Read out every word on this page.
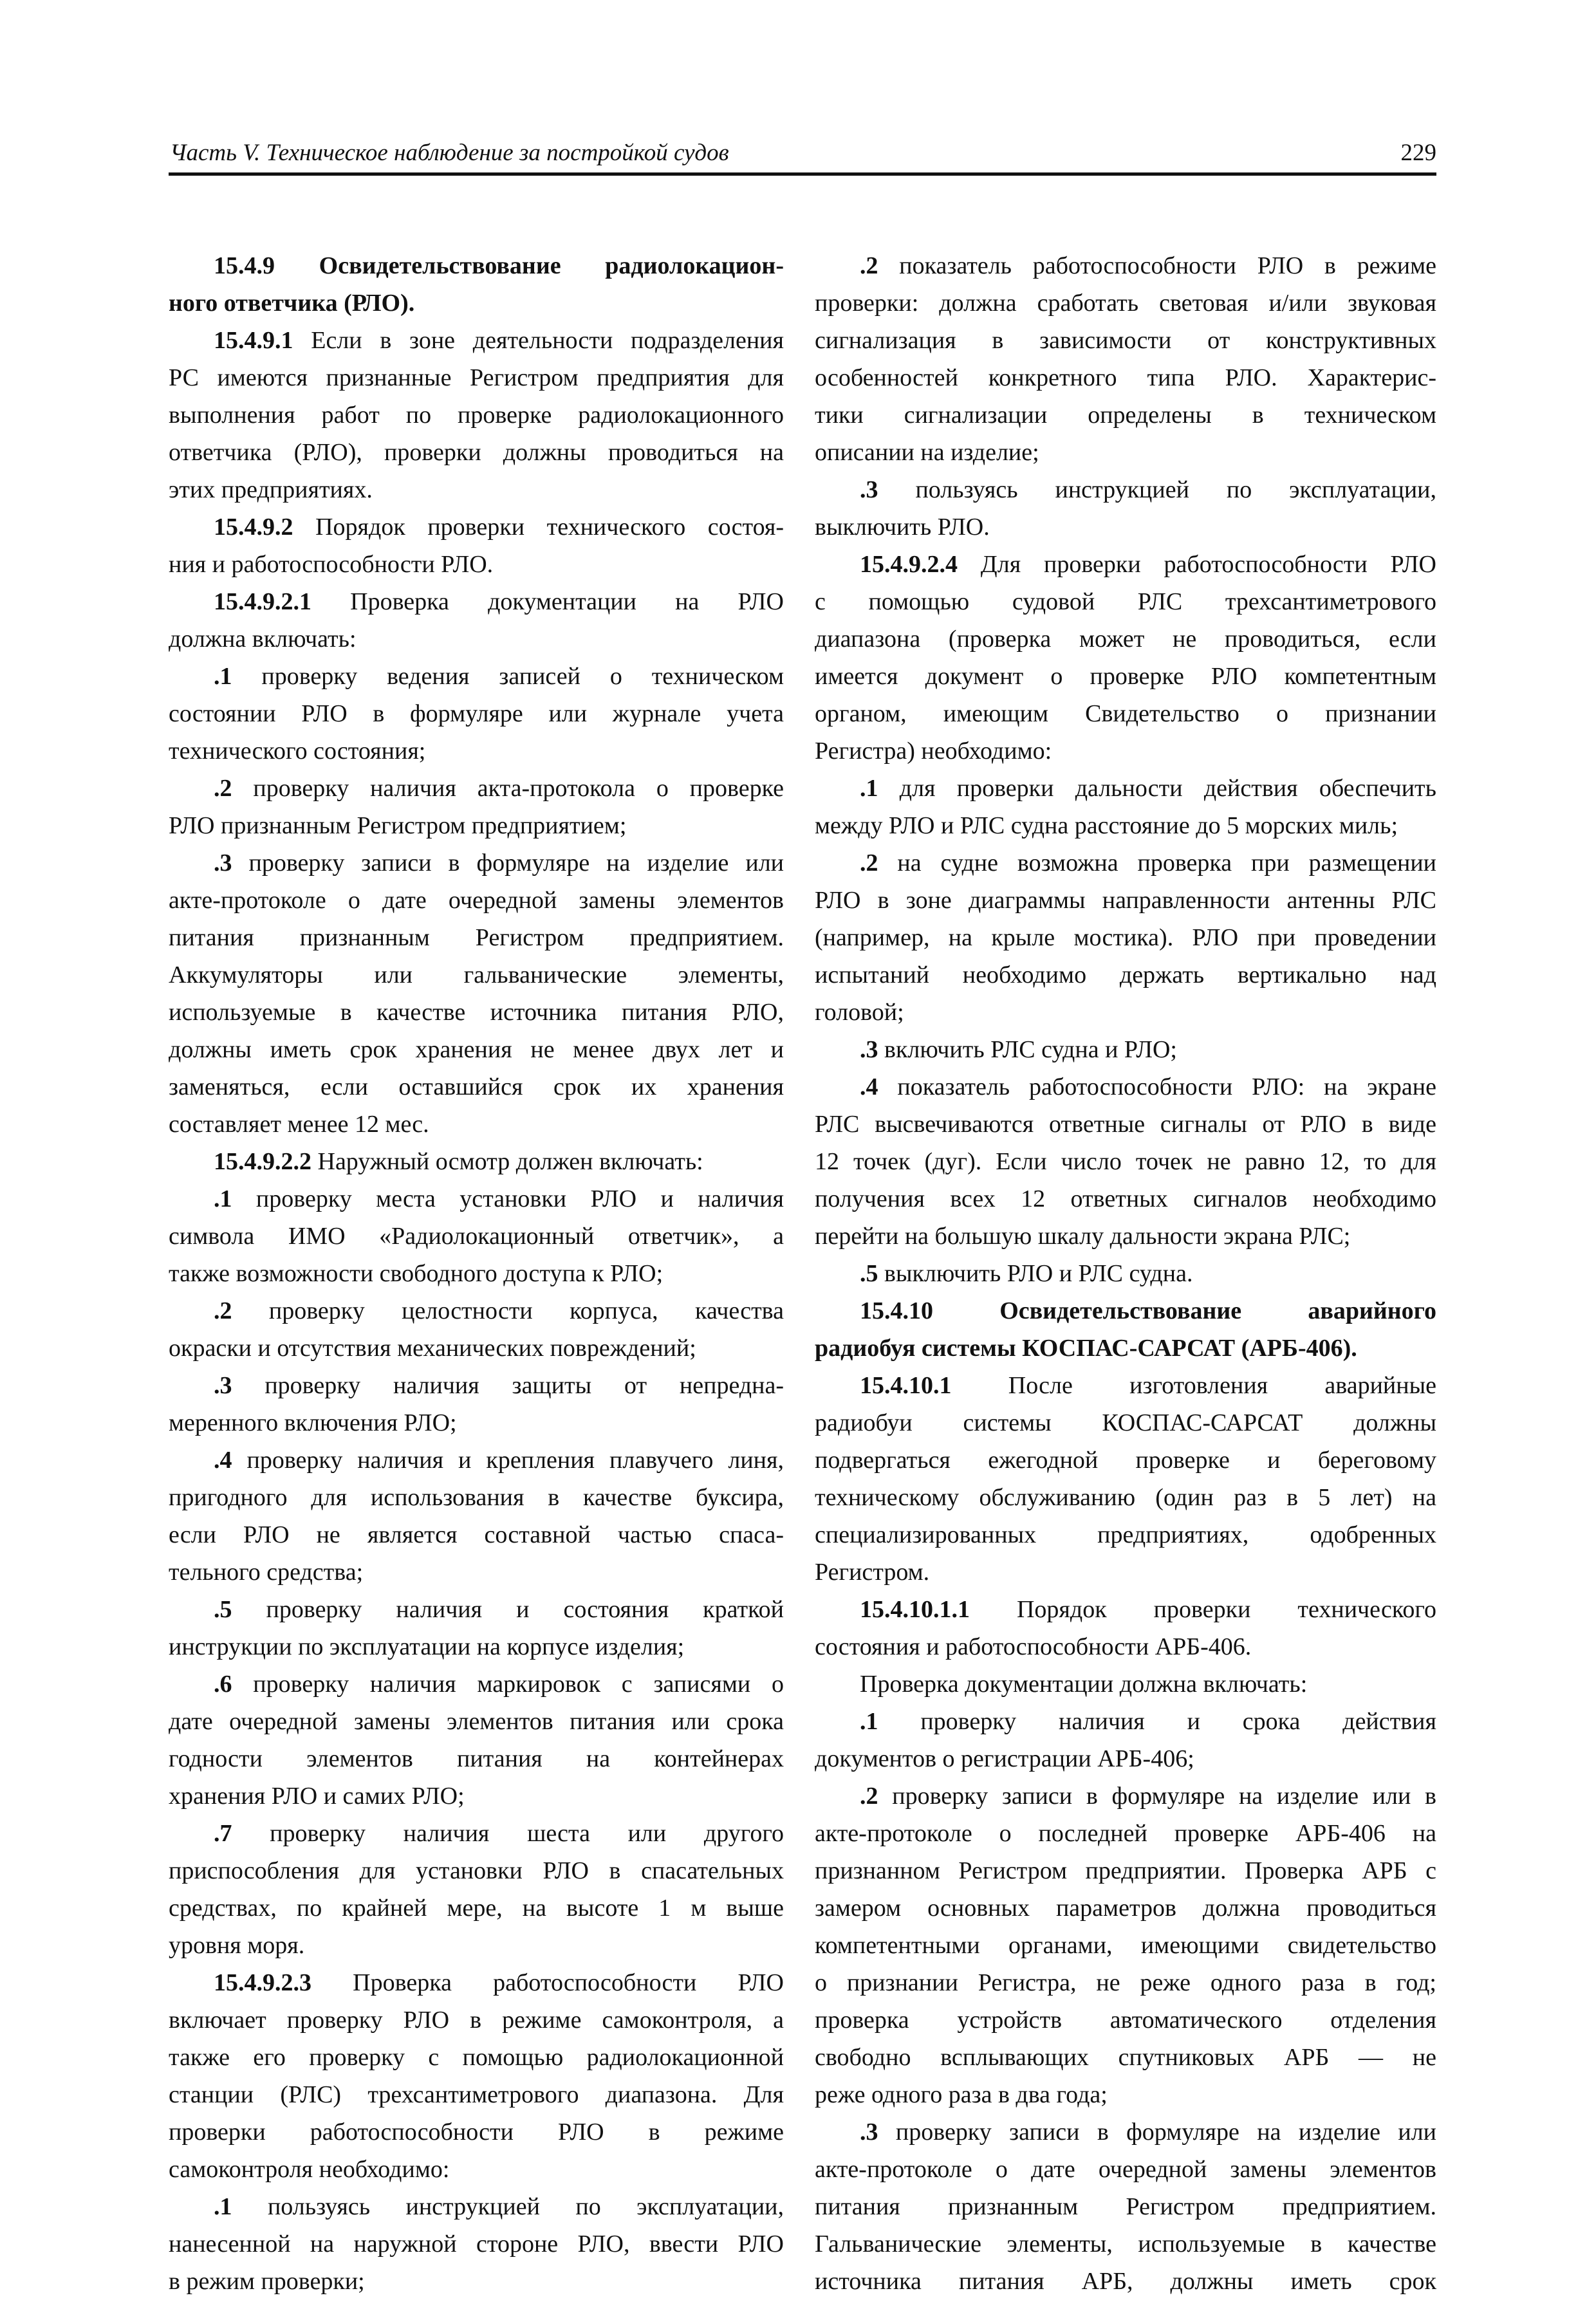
Часть V. Техническое наблюдение за постройкой судов	229
15.4.9 Освидетельствование радиолокацион-
ного ответчика (РЛО).
15.4.9.1 Если в зоне деятельности подразделения
РС имеются признанные Регистром предприятия для
выполнения работ по проверке радиолокационного
ответчика (РЛО), проверки должны проводиться на
этих предприятиях.
15.4.9.2 Порядок проверки технического состоя-
ния и работоспособности РЛО.
15.4.9.2.1 Проверка документации на РЛО
должна включать:
.1 проверку ведения записей о техническом
состоянии РЛО в формуляре или журнале учета
технического состояния;
.2 проверку наличия акта-протокола о проверке
РЛО признанным Регистром предприятием;
.3 проверку записи в формуляре на изделие или
акте-протоколе о дате очередной замены элементов
питания признанным Регистром предприятием.
Аккумуляторы или гальванические элементы,
используемые в качестве источника питания РЛО,
должны иметь срок хранения не менее двух лет и
заменяться, если оставшийся срок их хранения
составляет менее 12 мес.
15.4.9.2.2 Наружный осмотр должен включать:
.1 проверку места установки РЛО и наличия
символа ИМО «Радиолокационный ответчик», а
также возможности свободного доступа к РЛО;
.2 проверку целостности корпуса, качества
окраски и отсутствия механических повреждений;
.3 проверку наличия защиты от непредна-
меренного включения РЛО;
.4 проверку наличия и крепления плавучего линя,
пригодного для использования в качестве буксира,
если РЛО не является составной частью спаса-
тельного средства;
.5 проверку наличия и состояния краткой
инструкции по эксплуатации на корпусе изделия;
.6 проверку наличия маркировок с записями о
дате очередной замены элементов питания или срока
годности элементов питания на контейнерах
хранения РЛО и самих РЛО;
.7 проверку наличия шеста или другого
приспособления для установки РЛО в спасательных
средствах, по крайней мере, на высоте 1 м выше
уровня моря.
15.4.9.2.3 Проверка работоспособности РЛО
включает проверку РЛО в режиме самоконтроля, а
также его проверку с помощью радиолокационной
станции (РЛС) трехсантиметрового диапазона. Для
проверки работоспособности РЛО в режиме
самоконтроля необходимо:
.1 пользуясь инструкцией по эксплуатации,
нанесенной на наружной стороне РЛО, ввести РЛО
в режим проверки;
.2 показатель работоспособности РЛО в режиме
проверки: должна сработать световая и/или звуковая
сигнализация в зависимости от конструктивных
особенностей конкретного типа РЛО. Характерис-
тики сигнализации определены в техническом
описании на изделие;
.3 пользуясь инструкцией по эксплуатации,
выключить РЛО.
15.4.9.2.4 Для проверки работоспособности РЛО
с помощью судовой РЛС трехсантиметрового
диапазона (проверка может не проводиться, если
имеется документ о проверке РЛО компетентным
органом, имеющим Свидетельство о признании
Регистра) необходимо:
.1 для проверки дальности действия обеспечить
между РЛО и РЛС судна расстояние до 5 морских миль;
.2 на судне возможна проверка при размещении
РЛО в зоне диаграммы направленности антенны РЛС
(например, на крыле мостика). РЛО при проведении
испытаний необходимо держать вертикально над
головой;
.3 включить РЛС судна и РЛО;
.4 показатель работоспособности РЛО: на экране
РЛС высвечиваются ответные сигналы от РЛО в виде
12 точек (дуг). Если число точек не равно 12, то для
получения всех 12 ответных сигналов необходимо
перейти на большую шкалу дальности экрана РЛС;
.5 выключить РЛО и РЛС судна.
15.4.10 Освидетельствование аварийного
радиобуя системы КОСПАС-САРСАТ (АРБ-406).
15.4.10.1 После изготовления аварийные
радиобуи системы КОСПАС-САРСАТ должны
подвергаться ежегодной проверке и береговому
техническому обслуживанию (один раз в 5 лет) на
специализированных предприятиях, одобренных
Регистром.
15.4.10.1.1 Порядок проверки технического
состояния и работоспособности АРБ-406.
Проверка документации должна включать:
.1 проверку наличия и срока действия
документов о регистрации АРБ-406;
.2 проверку записи в формуляре на изделие или в
акте-протоколе о последней проверке АРБ-406 на
признанном Регистром предприятии. Проверка АРБ с
замером основных параметров должна проводиться
компетентными органами, имеющими свидетельство
о признании Регистра, не реже одного раза в год;
проверка устройств автоматического отделения
свободно всплывающих спутниковых АРБ — не
реже одного раза в два года;
.3 проверку записи в формуляре на изделие или
акте-протоколе о дате очередной замены элементов
питания признанным Регистром предприятием.
Гальванические элементы, используемые в качестве
источника питания АРБ, должны иметь срок
